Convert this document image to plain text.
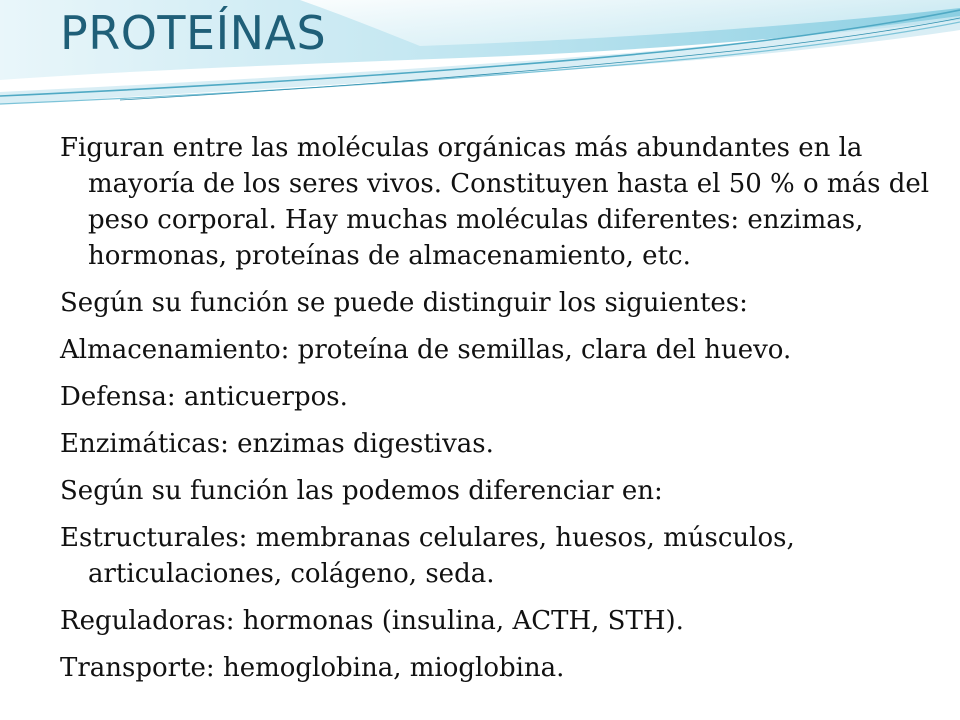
PROTEÍNAS

Figuran entre las moléculas orgánicas más abundantes en la mayoría de los seres vivos. Constituyen hasta el 50 % o más del peso corporal. Hay muchas moléculas diferentes: enzimas, hormonas, proteínas de almacenamiento, etc.

Según su función se puede distinguir los siguientes:

Almacenamiento: proteína de semillas, clara del huevo.

Defensa: anticuerpos.

Enzimáticas: enzimas digestivas.

Según su función las podemos diferenciar en:

Estructurales: membranas celulares, huesos, músculos, articulaciones, colágeno, seda.

Reguladoras: hormonas (insulina, ACTH, STH).

Transporte: hemoglobina, mioglobina.
